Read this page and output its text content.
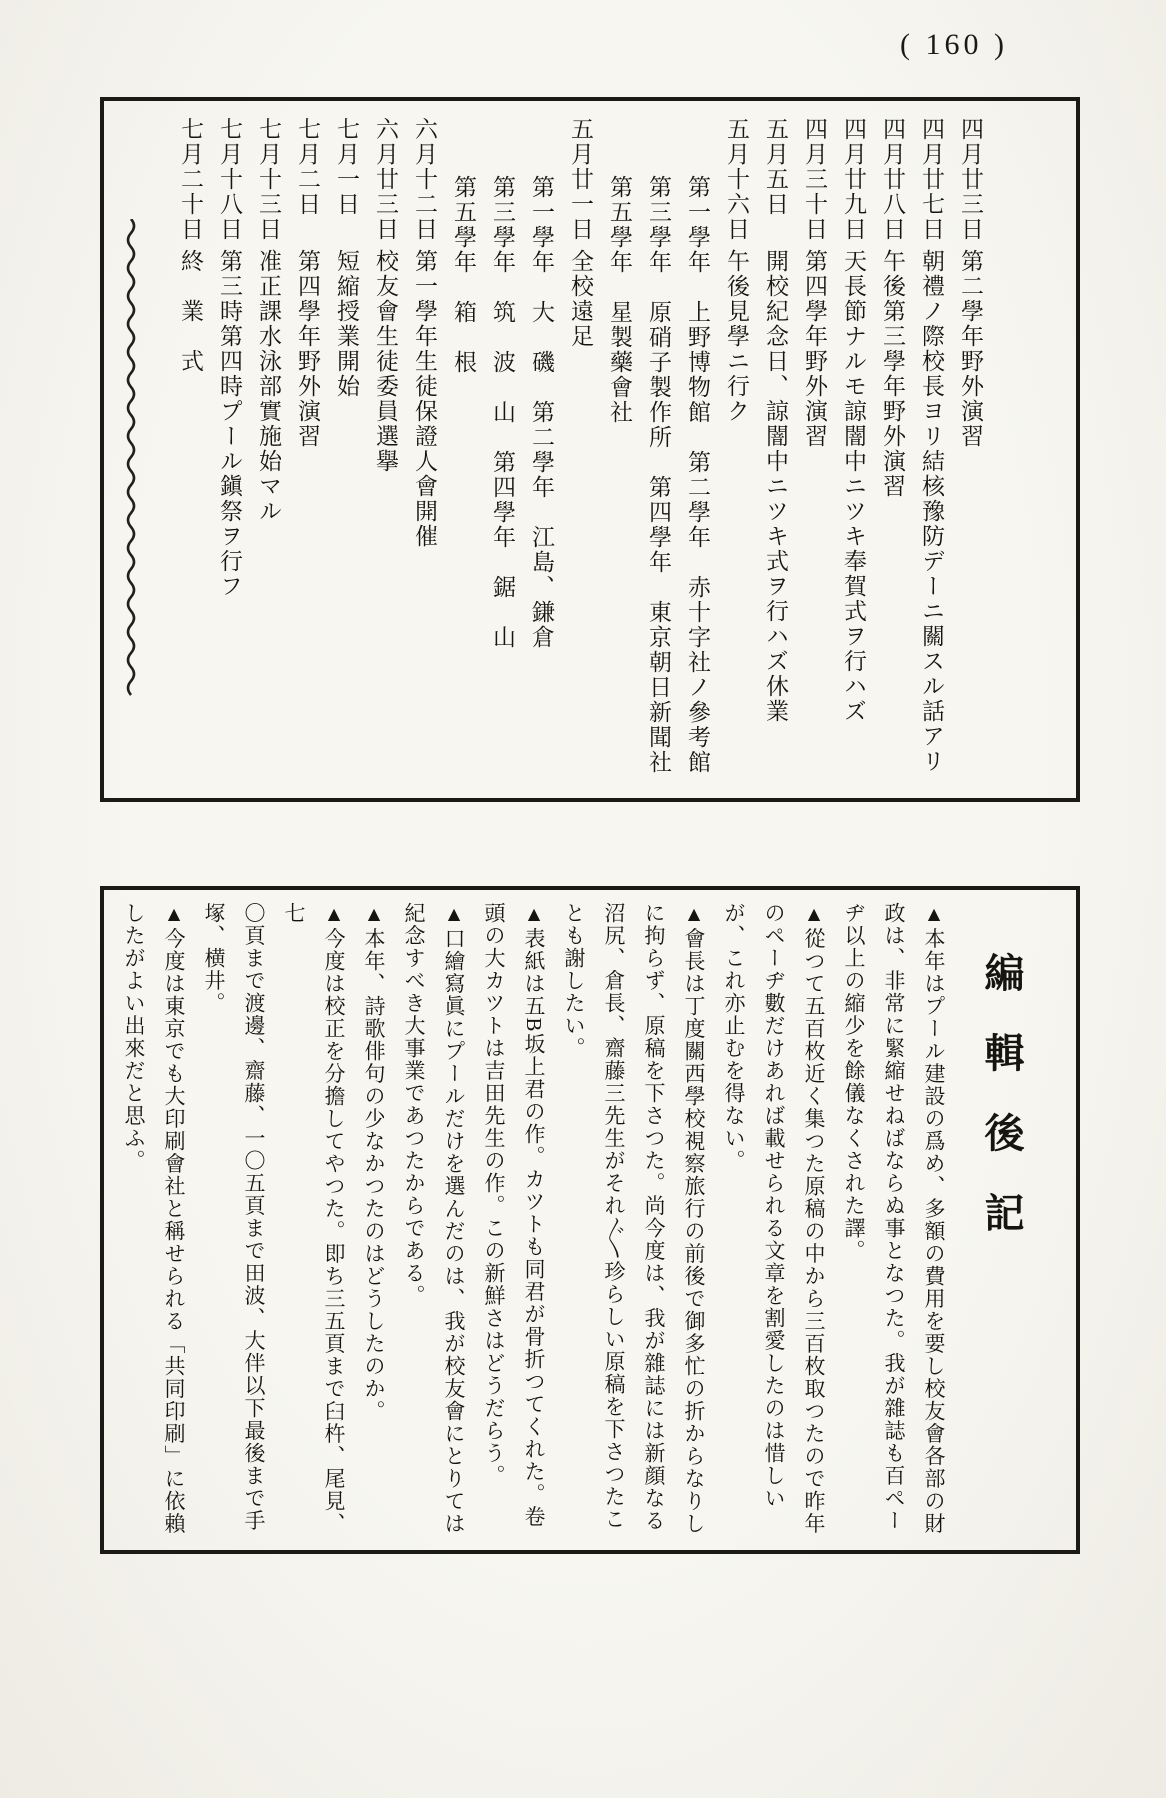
( 160 )
四月廿三日第二學年野外演習
四月廿七日朝禮ノ際校長ヨリ結核豫防デーニ關スル話アリ
四月廿八日午後第三學年野外演習
四月廿九日天長節ナルモ諒闇中ニツキ奉賀式ヲ行ハズ
四月三十日第四學年野外演習
五月五日開校紀念日、諒闇中ニツキ式ヲ行ハズ休業
五月十六日午後見學ニ行ク
第一學年　上野博物館　第二學年　赤十字社ノ參考館
第三學年　原硝子製作所　第四學年　東京朝日新聞社
第五學年　星製藥會社
五月廿一日全校遠足
第一學年　大　磯　第二學年　江島、鎌倉
第三學年　筑　波　山　第四學年　鋸　山
第五學年　箱　根
六月十二日第一學年生徒保證人會開催
六月廿三日校友會生徒委員選擧
七月一日短縮授業開始
七月二日第四學年野外演習
七月十三日准正課水泳部實施始マル
七月十八日第三時第四時プール鎭祭ヲ行フ
七月二十日終　業　式
編輯後記
▲本年はプール建設の爲め、多額の費用を要し校友會各部の財
政は、非常に緊縮せねばならぬ事となつた。我が雜誌も百ペー
ヂ以上の縮少を餘儀なくされた譯。
▲從つて五百枚近く集つた原稿の中から三百枚取つたので昨年
のペーヂ數だけあれば載せられる文章を割愛したのは惜しい
が、これ亦止むを得ない。
▲會長は丁度關西學校視察旅行の前後で御多忙の折からなりし
に拘らず、原稿を下さつた。尚今度は、我が雜誌には新顔なる
沼尻、倉長、齋藤三先生がそれ〴〵珍らしい原稿を下さつたこ
とも謝したい。
▲表紙は五B坂上君の作。カツトも同君が骨折つてくれた。卷
頭の大カツトは吉田先生の作。この新鮮さはどうだらう。
▲口繪寫眞にプールだけを選んだのは、我が校友會にとりては
紀念すべき大事業であつたからである。
▲本年、詩歌俳句の少なかつたのはどうしたのか。
▲今度は校正を分擔してやつた。即ち三五頁まで臼杵、尾見、七
〇頁まで渡邊、齋藤、一〇五頁まで田波、大伴以下最後まで手
塚、横井。
▲今度は東京でも大印刷會社と稱せられる「共同印刷」に依賴
したがよい出來だと思ふ。
